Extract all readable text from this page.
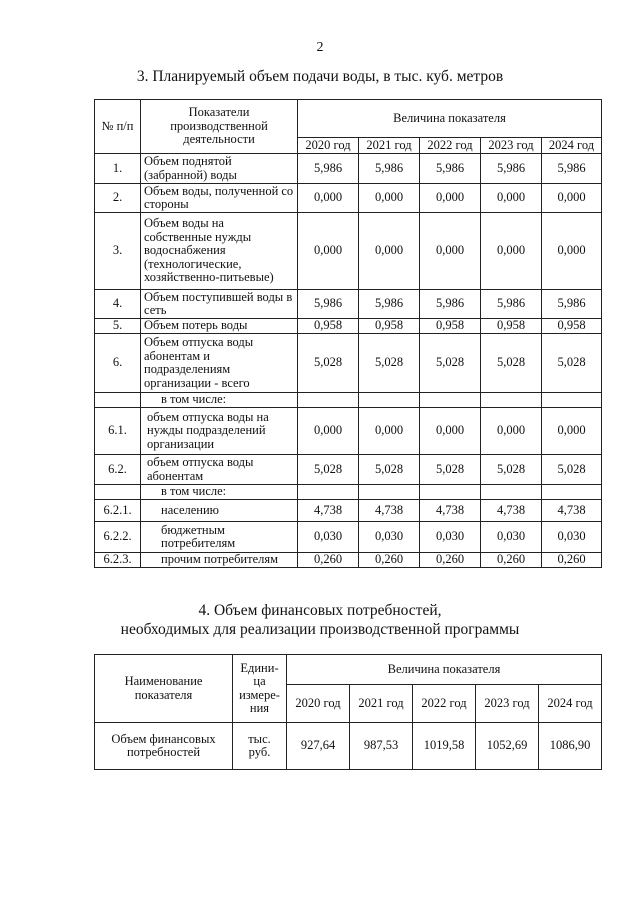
2
3. Планируемый объем подачи воды, в тыс. куб. метров
№ п/п	Показатели производственной деятельности	Величина показателя				
		2020 год	2021 год	2022 год	2023 год	2024 год
1.	Объем поднятой (забранной) воды	5,986	5,986	5,986	5,986	5,986
2.	Объем воды, полученной со стороны	0,000	0,000	0,000	0,000	0,000
3.	Объем воды на собственные нужды водоснабжения (технологические, хозяйственно-питьевые)	0,000	0,000	0,000	0,000	0,000
4.	Объем поступившей воды в сеть	5,986	5,986	5,986	5,986	5,986
5.	Объем потерь воды	0,958	0,958	0,958	0,958	0,958
6.	Объем отпуска воды абонентам и подразделениям организации - всего	5,028	5,028	5,028	5,028	5,028
	в том числе:					
6.1.	объем отпуска воды на нужды подразделений организации	0,000	0,000	0,000	0,000	0,000
6.2.	объем отпуска воды абонентам	5,028	5,028	5,028	5,028	5,028
	в том числе:					
6.2.1.	населению	4,738	4,738	4,738	4,738	4,738
6.2.2.	бюджетным потребителям	0,030	0,030	0,030	0,030	0,030
6.2.3.	прочим потребителям	0,260	0,260	0,260	0,260	0,260
4. Объем финансовых потребностей,
необходимых для реализации производственной программы
Наименование показателя	Едини- ца измере- ния	Величина показателя				
		2020 год	2021 год	2022 год	2023 год	2024 год
Объем финансовых потребностей	тыс. руб.	927,64	987,53	1019,58	1052,69	1086,90
